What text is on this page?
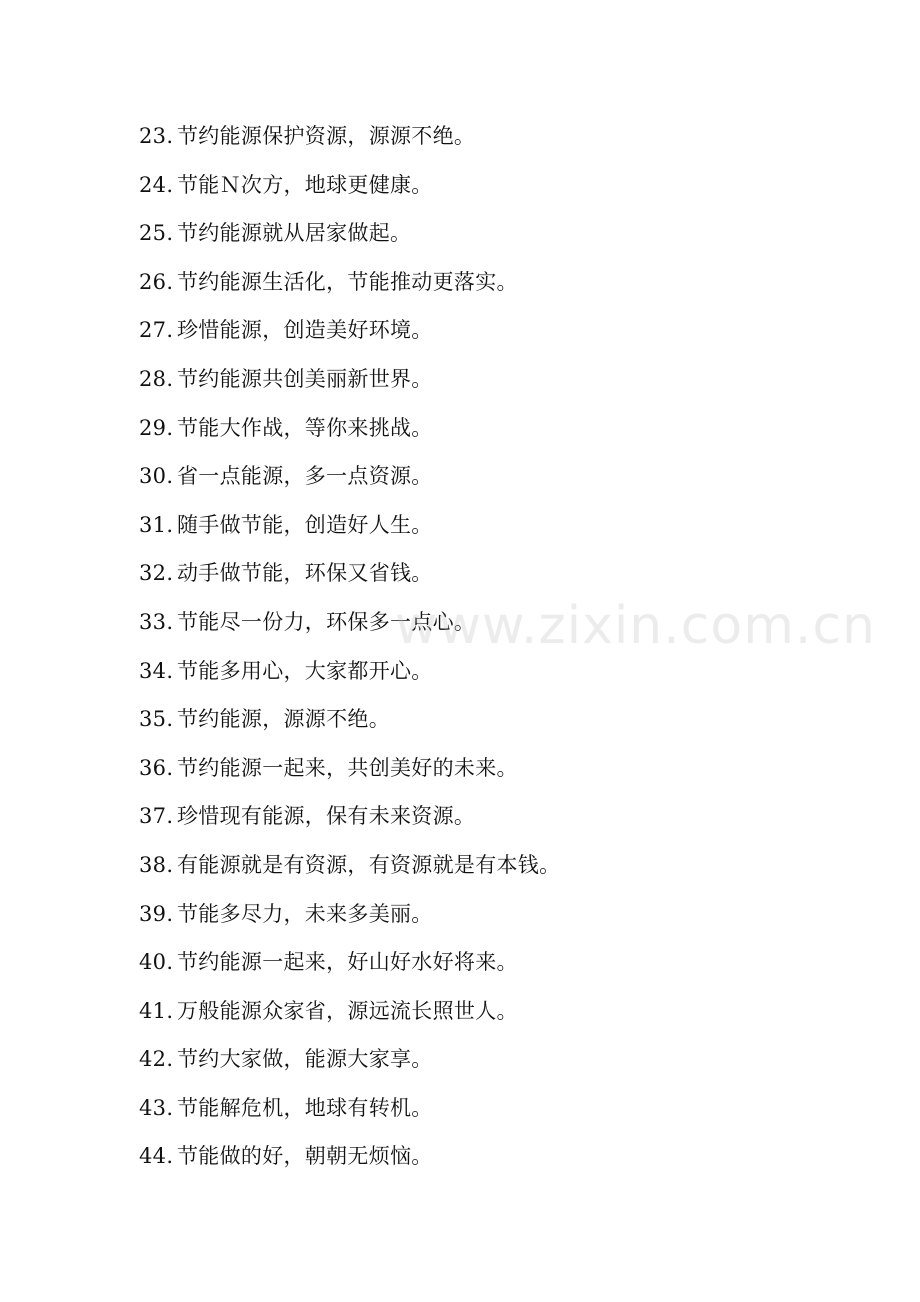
23. 节约能源保护资源，源源不绝。
24. 节能Ｎ次方，地球更健康。
25. 节约能源就从居家做起。
26. 节约能源生活化，节能推动更落实。
27. 珍惜能源，创造美好环境。
28. 节约能源共创美丽新世界。
29. 节能大作战，等你来挑战。
30. 省一点能源，多一点资源。
31. 随手做节能，创造好人生。
32. 动手做节能，环保又省钱。
33. 节能尽一份力，环保多一点心。
34. 节能多用心，大家都开心。
35. 节约能源，源源不绝。
36. 节约能源一起来，共创美好的未来。
37. 珍惜现有能源，保有未来资源。
38. 有能源就是有资源，有资源就是有本钱。
39. 节能多尽力，未来多美丽。
40. 节约能源一起来，好山好水好将来。
41. 万般能源众家省，源远流长照世人。
42. 节约大家做，能源大家享。
43. 节能解危机，地球有转机。
44. 节能做的好，朝朝无烦恼。
www.zixin.com.cn
